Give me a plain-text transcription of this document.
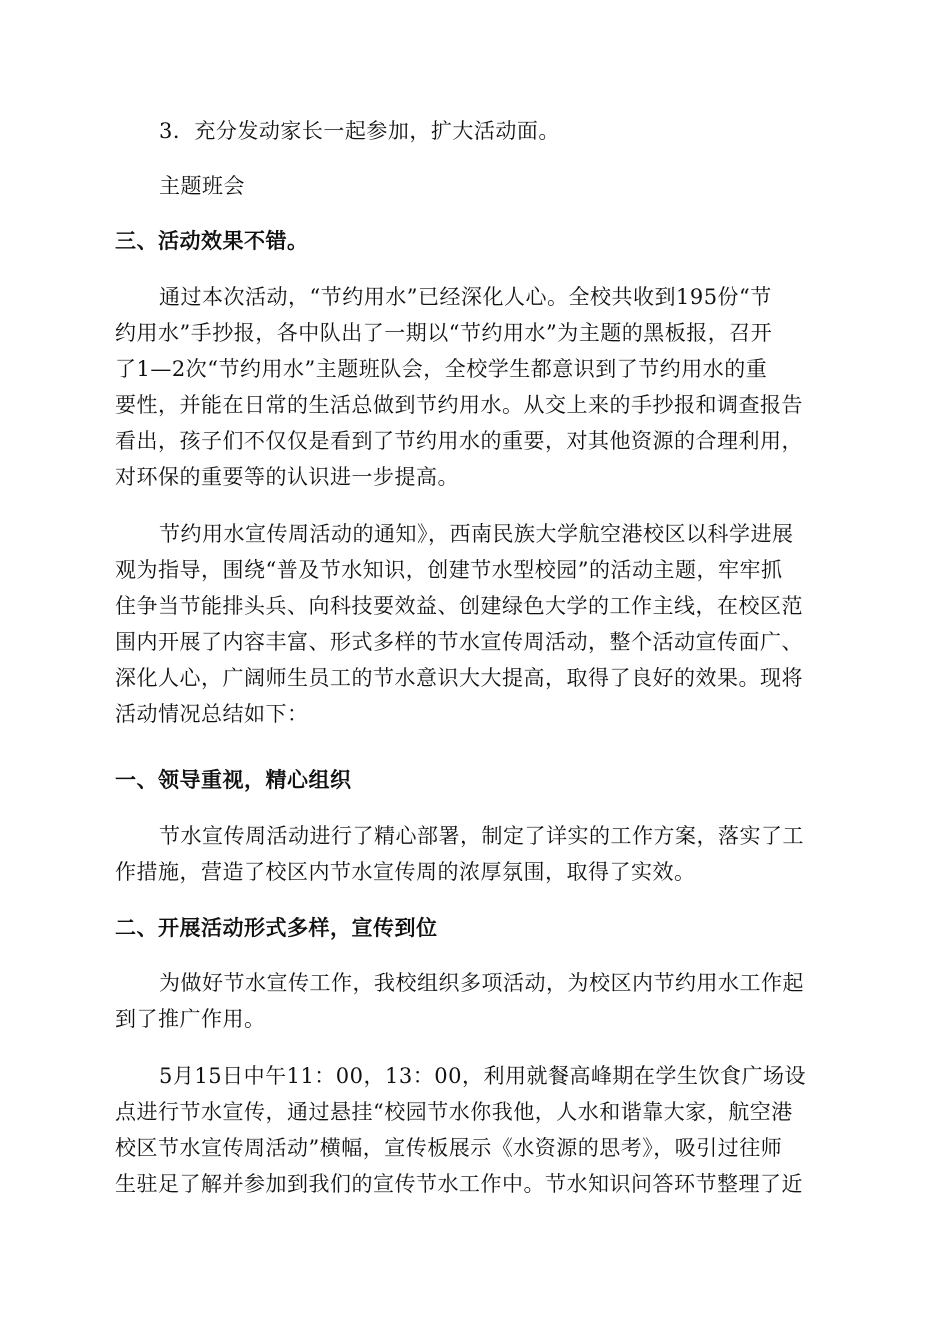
3．充分发动家长一起参加，扩大活动面。
主题班会
三、活动效果不错。
通过本次活动，“节约用水”已经深化人心。全校共收到195份“节
约用水”手抄报，各中队出了一期以“节约用水”为主题的黑板报，召开
了1—2次“节约用水”主题班队会，全校学生都意识到了节约用水的重
要性，并能在日常的生活总做到节约用水。从交上来的手抄报和调查报告
看出，孩子们不仅仅是看到了节约用水的重要，对其他资源的合理利用，
对环保的重要等的认识进一步提高。
节约用水宣传周活动的通知》，西南民族大学航空港校区以科学进展
观为指导，围绕“普及节水知识，创建节水型校园”的活动主题，牢牢抓
住争当节能排头兵、向科技要效益、创建绿色大学的工作主线，在校区范
围内开展了内容丰富、形式多样的节水宣传周活动，整个活动宣传面广、
深化人心，广阔师生员工的节水意识大大提高，取得了良好的效果。现将
活动情况总结如下：
一、领导重视，精心组织
节水宣传周活动进行了精心部署，制定了详实的工作方案，落实了工
作措施，营造了校区内节水宣传周的浓厚氛围，取得了实效。
二、开展活动形式多样，宣传到位
为做好节水宣传工作，我校组织多项活动，为校区内节约用水工作起
到了推广作用。
5月15日中午11：00，13：00，利用就餐高峰期在学生饮食广场设
点进行节水宣传，通过悬挂“校园节水你我他，人水和谐靠大家，航空港
校区节水宣传周活动”横幅，宣传板展示《水资源的思考》，吸引过往师
生驻足了解并参加到我们的宣传节水工作中。节水知识问答环节整理了近
